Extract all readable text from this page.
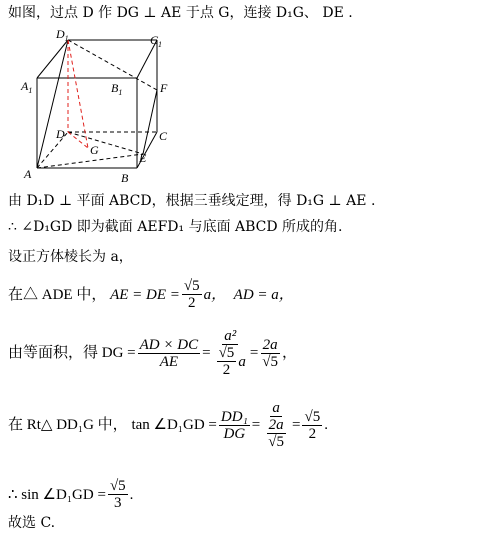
如图，过点 D 作 DG ⊥ AE 于点 G，连接 D₁G、 DE .
$D_1$	$C_1$
$A_1$	$B_1$	F
D	C
G
E
A	B
由 D₁D ⊥ 平面 ABCD，根据三垂线定理，得 D₁G ⊥ AE .
∴ ∠D₁GD 即为截面 AEFD₁ 与底面 ABCD 所成的角.
设正方体棱长为 a，
在△ ADE 中，
AE = DE = $\frac{√5}{2}$ a，
AD = a，
由等面积，得 DG = $\frac{AD \times DC}{AE} = \frac{\text{a²}}{\frac{√5}{2} a} = \frac{2a}{√5}$ ，
在 Rt△ DD₁G 中，
tan ∠D₁GD = $\frac{\text{DD₁}}{DG} = \frac{a}{\frac{2a}{√5}} = \frac{√5}{2}$ .
∴ sin ∠D₁GD = $\frac{√5}{3}$ .
故选 C.
